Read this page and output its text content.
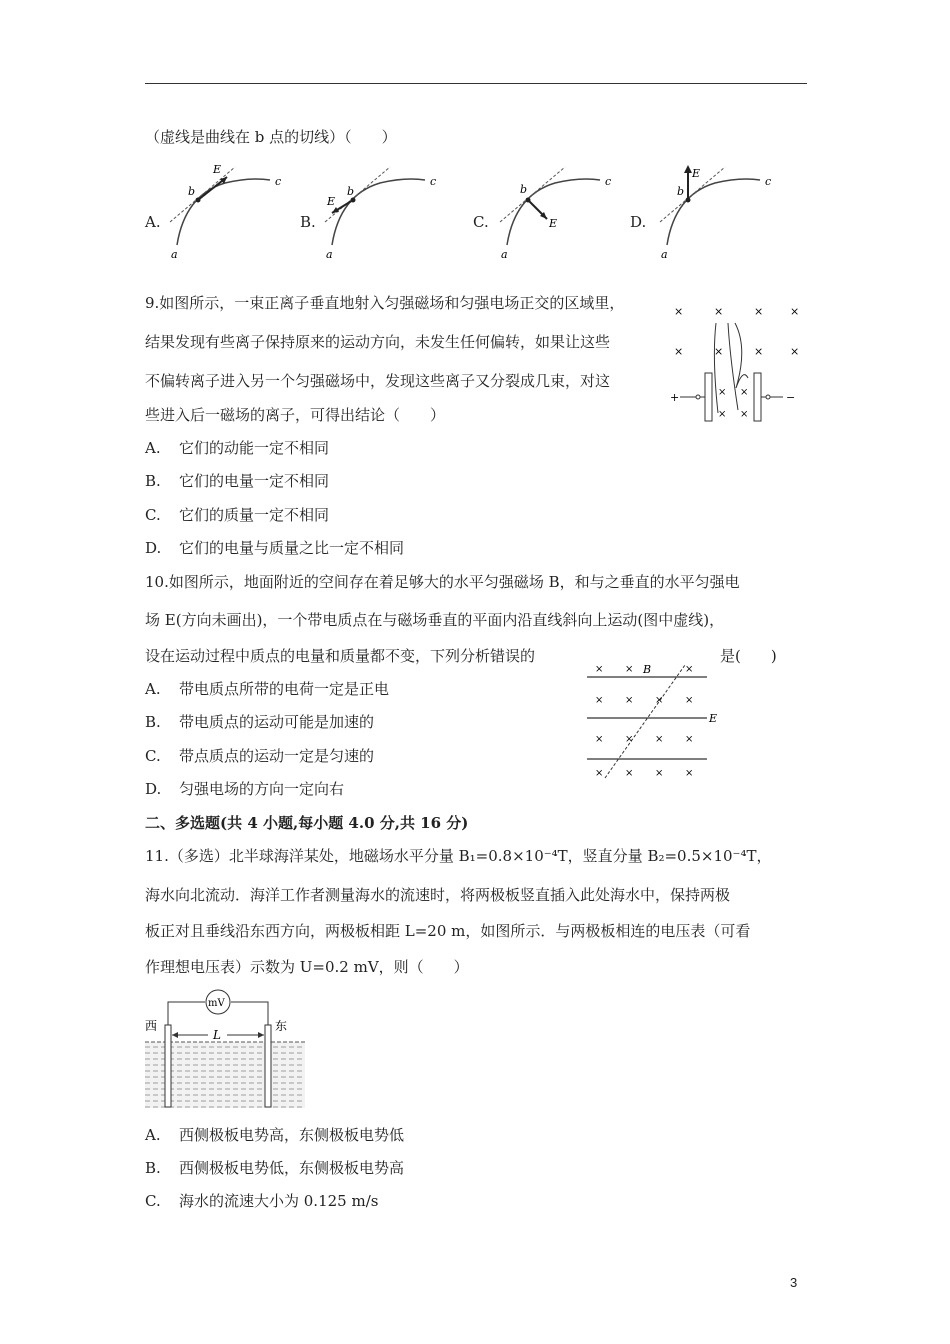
（虚线是曲线在 b 点的切线）（　　）
A.	B.	C.	D.
E
b
c
a
E
b
c
a
E
b
c
a
E
b
c
a
9.如图所示，一束正离子垂直地射入匀强磁场和匀强电场正交的区域里，
结果发现有些离子保持原来的运动方向，未发生任何偏转，如果让这些
不偏转离子进入另一个匀强磁场中，发现这些离子又分裂成几束，对这
些进入后一磁场的离子，可得出结论（　　）
×	×	× ×
×	×	× ×
+	−
× ×
× ×
A. 它们的动能一定不相同
B. 它们的电量一定不相同
C. 它们的质量一定不相同
D. 它们的电量与质量之比一定不相同
10.如图所示，地面附近的空间存在着足够大的水平匀强磁场 B，和与之垂直的水平匀强电
场 E(方向未画出)，一个带电质点在与磁场垂直的平面内沿直线斜向上运动(图中虚线)，
设在运动过程中质点的电量和质量都不变，下列分析错误的	是(　　)
× × B	×
× × × ×
E
× × × ×
× × × ×
A. 带电质点所带的电荷一定是正电
B. 带电质点的运动可能是加速的
C. 带点质点的运动一定是匀速的
D. 匀强电场的方向一定向右
二、多选题(共 4 小题,每小题 4.0 分,共 16 分)
11.（多选）北半球海洋某处，地磁场水平分量 B₁=0.8×10⁻⁴T，竖直分量 B₂=0.5×10⁻⁴T，
海水向北流动．海洋工作者测量海水的流速时，将两极板竖直插入此处海水中，保持两极
板正对且垂线沿东西方向，两极板相距 L=20 m，如图所示．与两极板相连的电压表（可看
作理想电压表）示数为 U=0.2 mV，则（　　）
mV
西	东
L
A. 西侧极板电势高，东侧极板电势低
B. 西侧极板电势低，东侧极板电势高
C. 海水的流速大小为 0.125 m/s
3
